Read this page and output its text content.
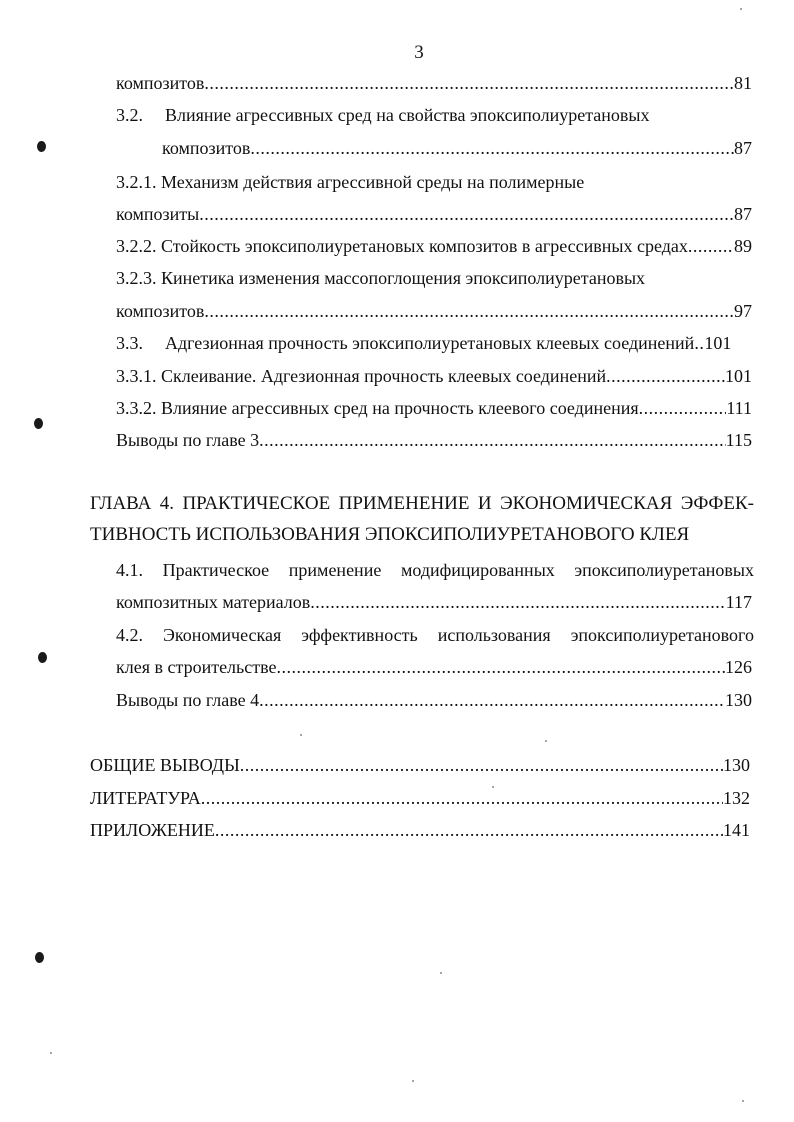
3
композитов .....	81
3.2. Влияние агрессивных сред на свойства эпоксиполиуретановых
композитов .....	87
3.2.1. Механизм действия агрессивной среды на полимерные
композиты .....	87
3.2.2. Стойкость эпоксиполиуретановых композитов в агрессивных средах .....	89
3.2.3. Кинетика изменения массопоглощения эпоксиполиуретановых
композитов .....	97
3.3. Адгезионная прочность эпоксиполиуретановых клеевых соединений .. 101
3.3.1. Склеивание. Адгезионная прочность клеевых соединений .....	101
3.3.2. Влияние агрессивных сред на прочность клеевого соединения .....	111
Выводы по главе 3 .....	115
ГЛАВА 4. ПРАКТИЧЕСКОЕ ПРИМЕНЕНИЕ И ЭКОНОМИЧЕСКАЯ ЭФФЕК-
ТИВНОСТЬ ИСПОЛЬЗОВАНИЯ ЭПОКСИПОЛИУРЕТАНОВОГО КЛЕЯ
4.1. Практическое применение модифицированных эпоксиполиуретановых
композитных материалов .....	117
4.2. Экономическая эффективность использования эпоксиполиуретанового
клея в строительстве .....	126
Выводы по главе 4 .....	130
ОБЩИЕ ВЫВОДЫ .....	130
ЛИТЕРАТУРА .....	132
ПРИЛОЖЕНИЕ .....	141
